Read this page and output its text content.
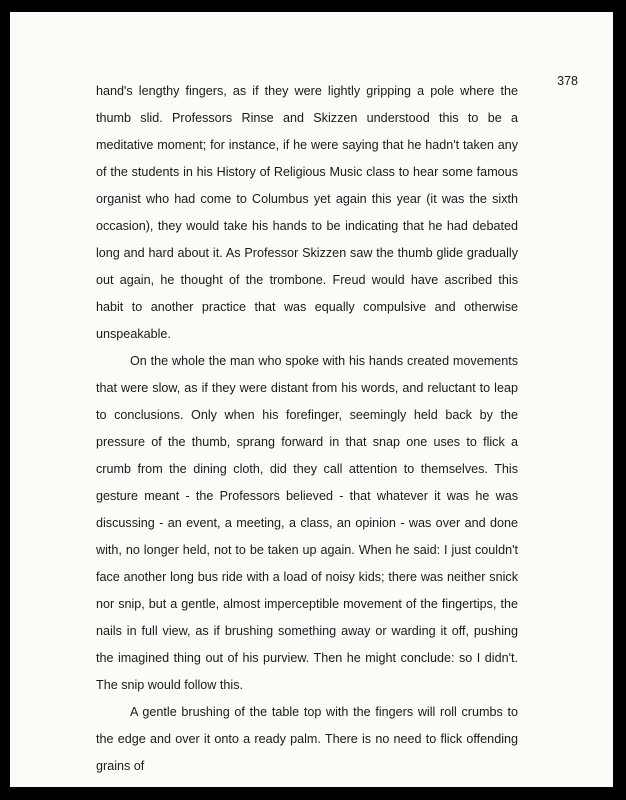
378

hand's lengthy fingers, as if they were lightly gripping a pole where the thumb slid. Professors Rinse and Skizzen understood this to be a meditative moment; for instance, if he were saying that he hadn't taken any of the students in his History of Religious Music class to hear some famous organist who had come to Columbus yet again this year (it was the sixth occasion), they would take his hands to be indicating that he had debated long and hard about it. As Professor Skizzen saw the thumb glide gradually out again, he thought of the trombone. Freud would have ascribed this habit to another practice that was equally compulsive and otherwise unspeakable.

On the whole the man who spoke with his hands created movements that were slow, as if they were distant from his words, and reluctant to leap to conclusions. Only when his forefinger, seemingly held back by the pressure of the thumb, sprang forward in that snap one uses to flick a crumb from the dining cloth, did they call attention to themselves. This gesture meant - the Professors believed - that whatever it was he was discussing - an event, a meeting, a class, an opinion - was over and done with, no longer held, not to be taken up again. When he said: I just couldn't face another long bus ride with a load of noisy kids; there was neither snick nor snip, but a gentle, almost imperceptible movement of the fingertips, the nails in full view, as if brushing something away or warding it off, pushing the imagined thing out of his purview. Then he might conclude: so I didn't. The snip would follow this.

A gentle brushing of the table top with the fingers will roll crumbs to the edge and over it onto a ready palm. There is no need to flick offending grains of
